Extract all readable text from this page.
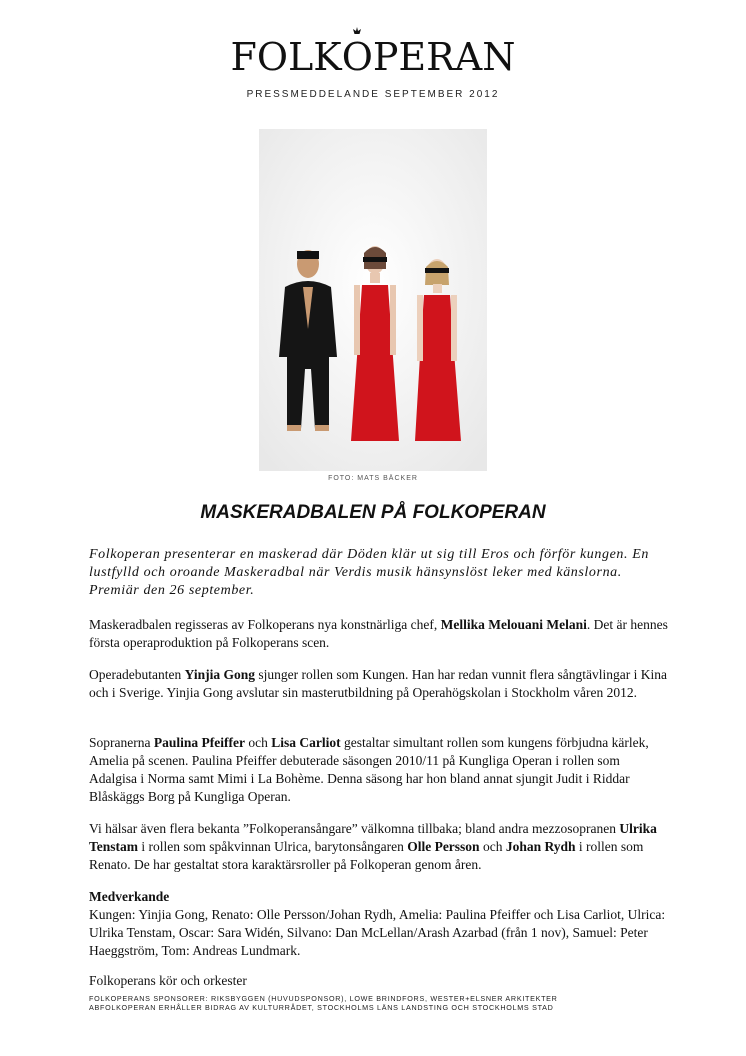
FOLK
OPERAN
PRESSMEDDELANDE SEPTEMBER 2012
FOTO: MATS BÄCKER
MASKERADBALEN PÅ FOLKOPERAN
Folkoperan presenterar en maskerad där Döden klär ut sig till Eros och förför kungen. En lustfylld och oroande Maskeradbal när Verdis musik hänsynslöst leker med känslorna. Premiär den 26 september.
Maskeradbalen regisseras av Folkoperans nya konstnärliga chef, Mellika Melouani Melani. Det är hennes första operaproduktion på Folkoperans scen.
Operadebutanten Yinjia Gong sjunger rollen som Kungen. Han har redan vunnit flera sångtävlingar i Kina och i Sverige. Yinjia Gong avslutar sin masterutbildning på Operahögskolan i Stockholm våren 2012.
Sopranerna Paulina Pfeiffer och Lisa Carliot gestaltar simultant rollen som kungens förbjudna kärlek, Amelia på scenen. Paulina Pfeiffer debuterade säsongen 2010/11 på Kungliga Operan i rollen som Adalgisa i Norma samt Mimi i La Bohème. Denna säsong har hon bland annat sjungit Judit i Riddar Blåskäggs Borg på Kungliga Operan.
Vi hälsar även flera bekanta ”Folkoperansångare” välkomna tillbaka; bland andra mezzosopranen Ulrika Tenstam i rollen som spåkvinnan Ulrica, barytonsångaren Olle Persson och Johan Rydh i rollen som Renato. De har gestaltat stora karaktärsroller på Folkoperan genom åren.
Medverkande
Kungen: Yinjia Gong, Renato: Olle Persson/Johan Rydh, Amelia: Paulina Pfeiffer och Lisa Carliot, Ulrica: Ulrika Tenstam, Oscar: Sara Widén, Silvano: Dan McLellan/Arash Azarbad (från 1 nov), Samuel: Peter Haeggström, Tom: Andreas Lundmark.
Folkoperans kör och orkester
FOLKOPERANS SPONSORER: RIKSBYGGEN (HUVUDSPONSOR), LOWE BRINDFORS, WESTER+ELSNER ARKITEKTER
ABFOLKOPERAN ERHÅLLER BIDRAG AV KULTURRÅDET, STOCKHOLMS LÄNS LANDSTING OCH STOCKHOLMS STAD
